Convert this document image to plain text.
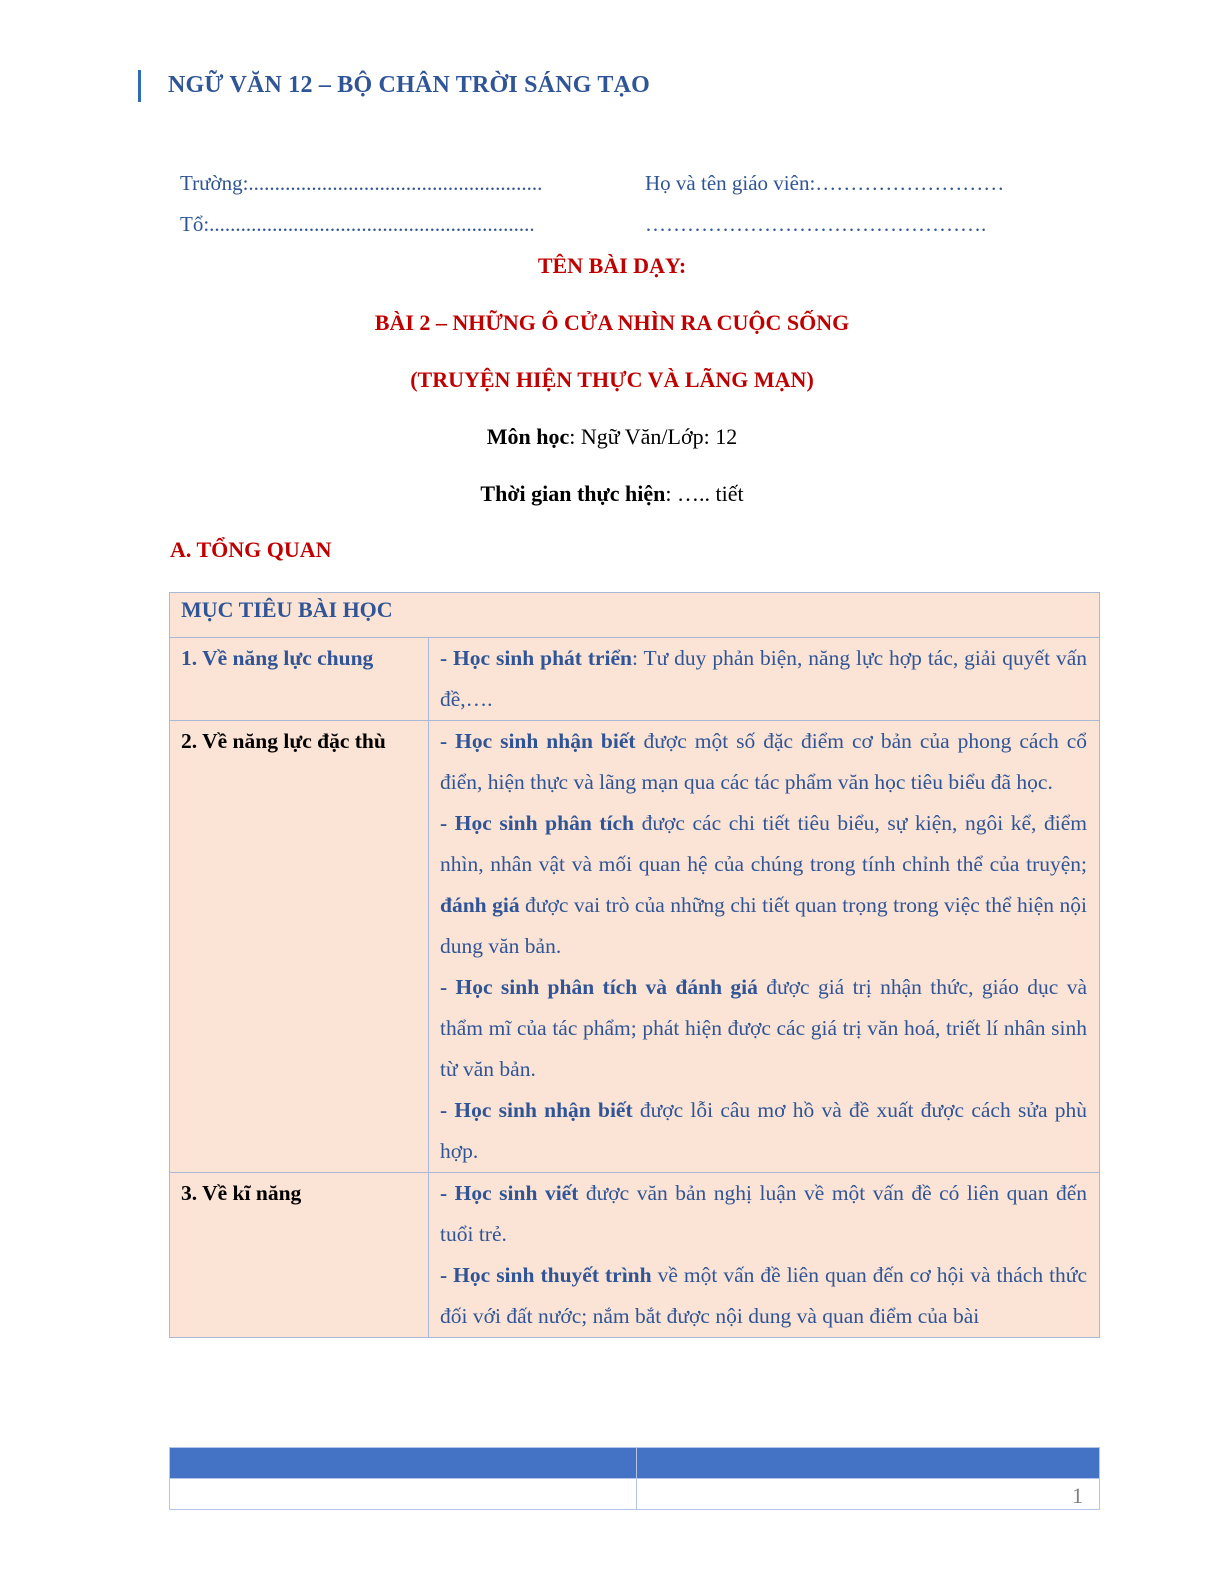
NGỮ VĂN 12 – BỘ CHÂN TRỜI SÁNG TẠO
Trường:........................................................	Họ và tên giáo viên:………………………
Tổ:..............................................................	………………………………………….
TÊN BÀI DẠY:
BÀI 2 – NHỮNG Ô CỬA NHÌN RA CUỘC SỐNG
(TRUYỆN HIỆN THỰC VÀ LÃNG MẠN)
Môn học: Ngữ Văn/Lớp: 12
Thời gian thực hiện: ….. tiết
A. TỔNG QUAN
MỤC TIÊU BÀI HỌC	
1. Về năng lực chung	- Học sinh phát triển: Tư duy phản biện, năng lực hợp tác, giải quyết vấn đề,….

2. Về năng lực đặc thù	- Học sinh nhận biết được một số đặc điểm cơ bản của phong cách cổ điển, hiện thực và lãng mạn qua các tác phẩm văn học tiêu biểu đã học.

- Học sinh phân tích được các chi tiết tiêu biểu, sự kiện, ngôi kể, điểm nhìn, nhân vật và mối quan hệ của chúng trong tính chỉnh thể của truyện; đánh giá được vai trò của những chi tiết quan trọng trong việc thể hiện nội dung văn bản.

- Học sinh phân tích và đánh giá được giá trị nhận thức, giáo dục và thẩm mĩ của tác phẩm; phát hiện được các giá trị văn hoá, triết lí nhân sinh từ văn bản.

- Học sinh nhận biết được lỗi câu mơ hồ và đề xuất được cách sửa phù hợp.

3. Về kĩ năng	- Học sinh viết được văn bản nghị luận về một vấn đề có liên quan đến tuổi trẻ.

- Học sinh thuyết trình về một vấn đề liên quan đến cơ hội và thách thức đối với đất nước; nắm bắt được nội dung và quan điểm của bài

1
